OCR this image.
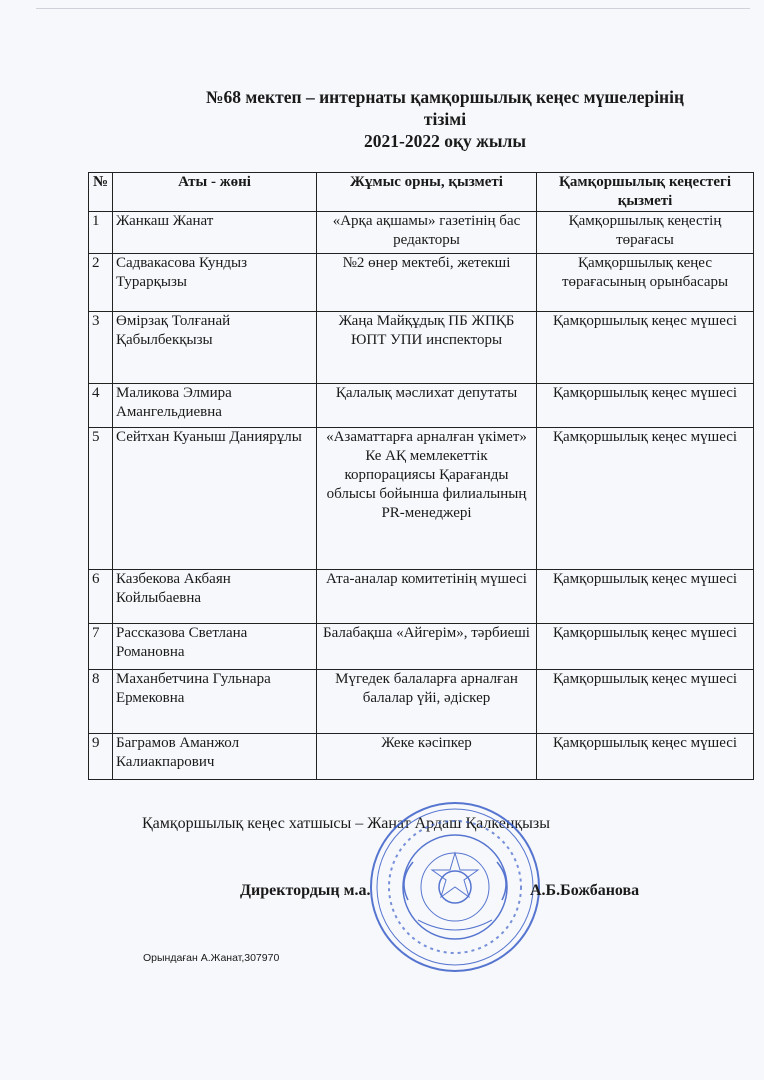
№68 мектеп – интернаты қамқоршылық кеңес мүшелерінің
тізімі
2021-2022 оқу жылы
№	Аты - жөні	Жұмыс орны, қызметі	Қамқоршылық кеңестегі қызметі
1	Жанкаш Жанат	«Арқа ақшамы» газетінің бас редакторы	Қамқоршылық кеңестің төрағасы
2	Садвакасова Кундыз Турарқызы	№2 өнер мектебі, жетекші	Қамқоршылық кеңес төрағасының орынбасары
3	Өмірзақ Толғанай Қабылбекқызы	Жаңа Майқұдық ПБ ЖПҚБ ЮПТ УПИ инспекторы	Қамқоршылық кеңес мүшесі
4	Маликова Элмира Амангельдиевна	Қалалық мәслихат депутаты	Қамқоршылық кеңес мүшесі
5	Сейтхан Куаныш Даниярұлы	«Азаматтарға арналған үкімет» Ке АҚ мемлекеттік корпорациясы Қарағанды облысы бойынша филиалының PR-менеджері	Қамқоршылық кеңес мүшесі
6	Казбекова Акбаян Койлыбаевна	Ата-аналар комитетінің мүшесі	Қамқоршылық кеңес мүшесі
7	Рассказова Светлана Романовна	Балабақша «Айгерім», тәрбиеші	Қамқоршылық кеңес мүшесі
8	Маханбетчина Гульнара Ермековна	Мүгедек балаларға арналған балалар үйі, әдіскер	Қамқоршылық кеңес мүшесі
9	Баграмов Аманжол Калиакпарович	Жеке кәсіпкер	Қамқоршылық кеңес мүшесі
Қамқоршылық кеңес хатшысы – Жанат Ардаш Қалкенқызы
Директордың м.а.	А.Б.Божбанова
Орындаған А.Жанат,307970
